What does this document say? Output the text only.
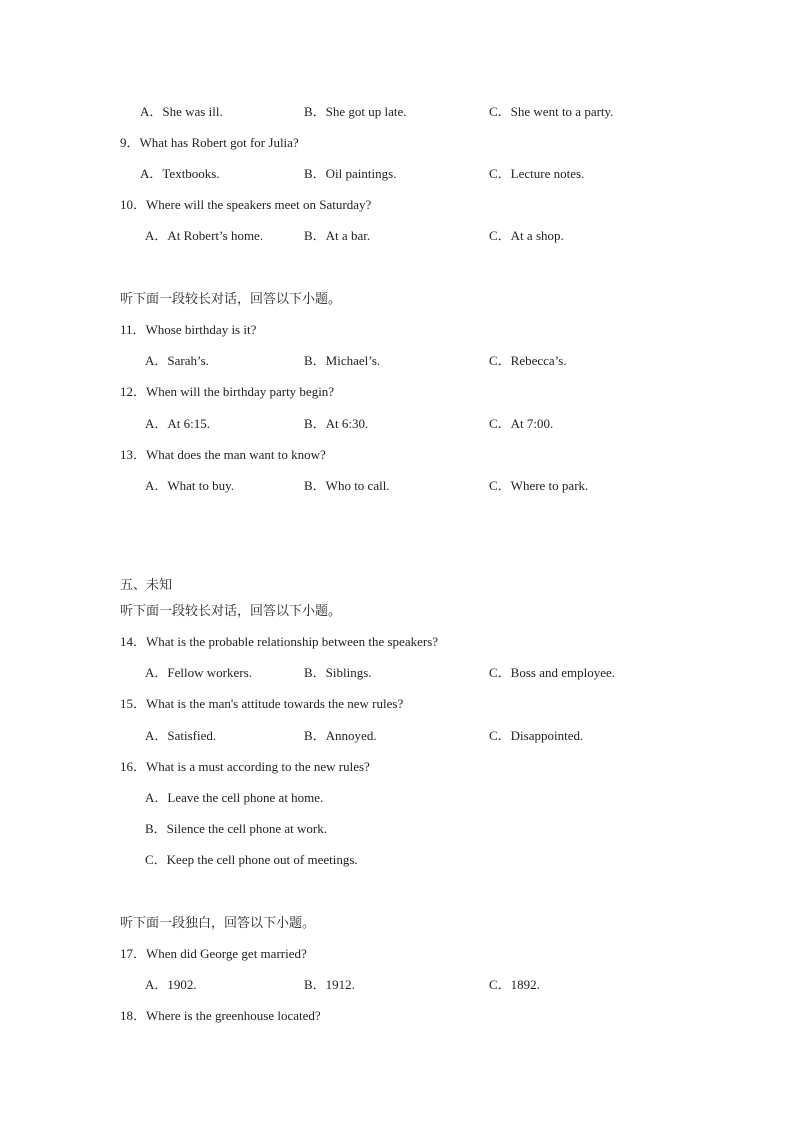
A．She was ill.	B．She got up late.	C．She went to a party.
9．What has Robert got for Julia?
A．Textbooks.	B．Oil paintings.	C．Lecture notes.
10．Where will the speakers meet on Saturday?
A．At Robert’s home.	B．At a bar.	C．At a shop.
听下面一段较长对话，回答以下小题。
11．Whose birthday is it?
A．Sarah’s.	B．Michael’s.	C．Rebecca’s.
12．When will the birthday party begin?
A．At 6:15.	B．At 6:30.	C．At 7:00.
13．What does the man want to know?
A．What to buy.	B．Who to call.	C．Where to park.
五、未知
听下面一段较长对话，回答以下小题。
14．What is the probable relationship between the speakers?
A．Fellow workers.	B．Siblings.	C．Boss and employee.
15．What is the man's attitude towards the new rules?
A．Satisfied.	B．Annoyed.	C．Disappointed.
16．What is a must according to the new rules?
A．Leave the cell phone at home.
B．Silence the cell phone at work.
C．Keep the cell phone out of meetings.
听下面一段独白，回答以下小题。
17．When did George get married?
A．1902.	B．1912.	C．1892.
18．Where is the greenhouse located?
